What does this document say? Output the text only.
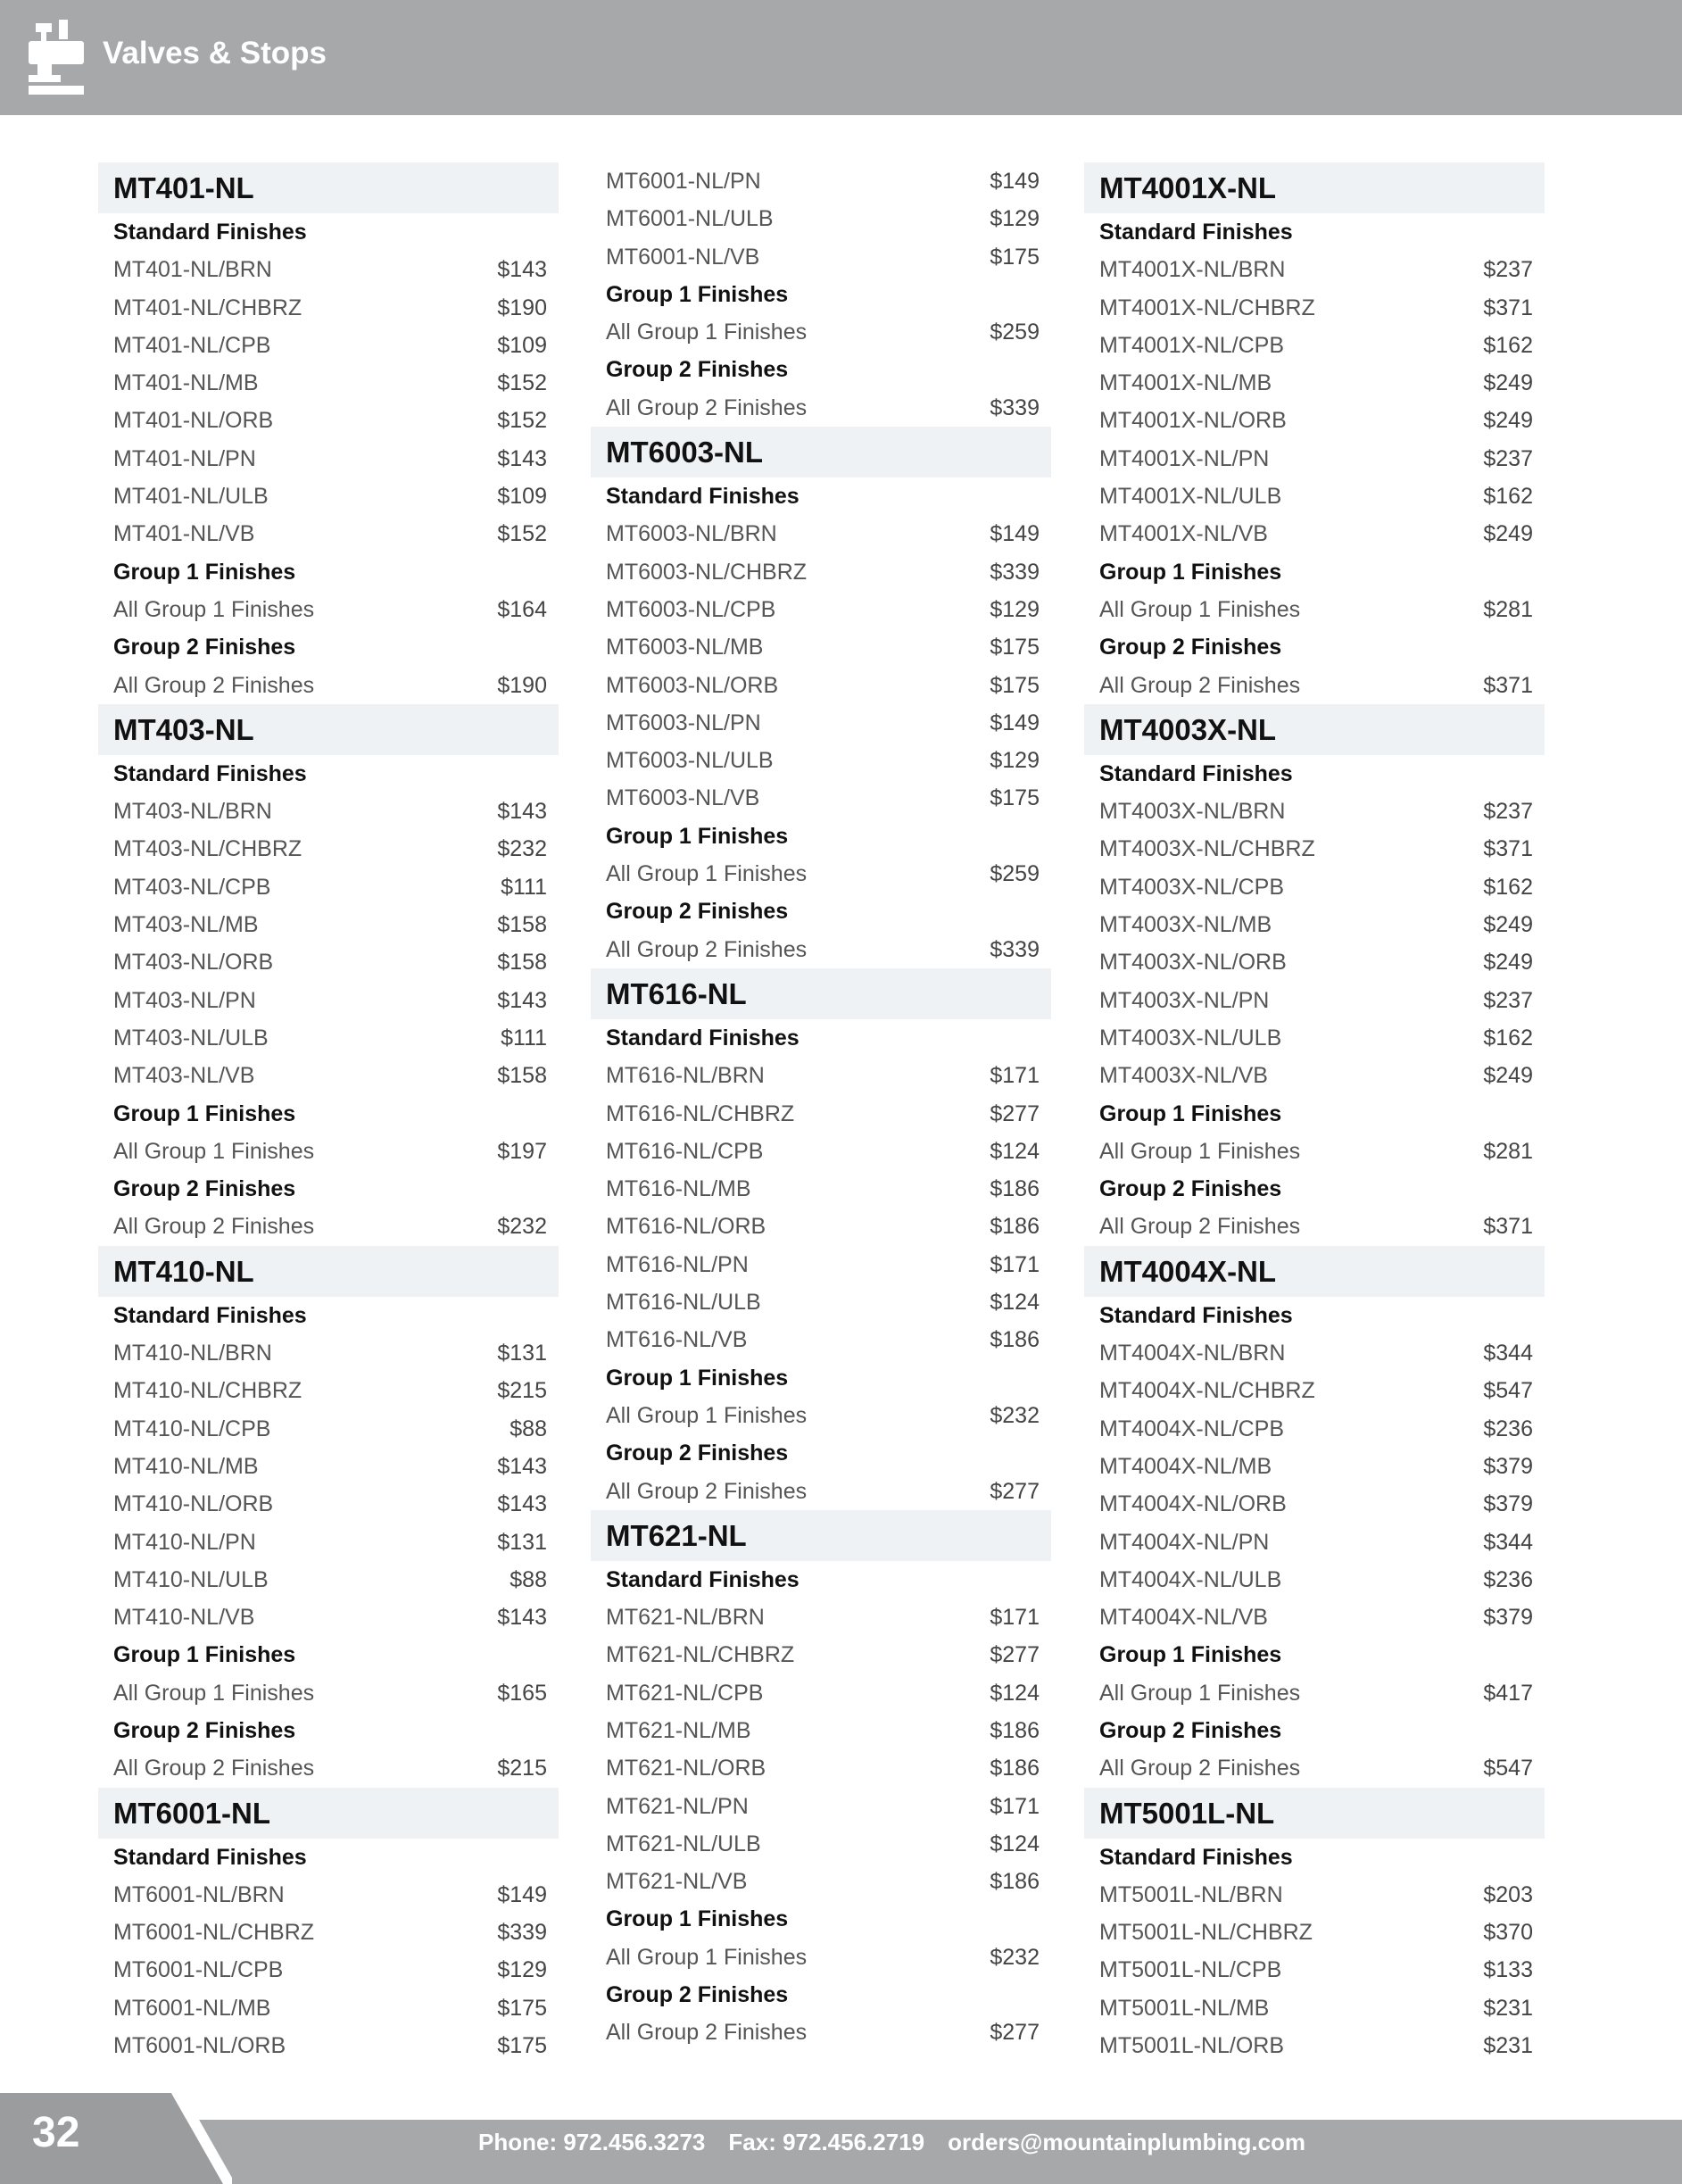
Valves & Stops
MT401-NL
Standard Finishes
MT401-NL/BRN	$143
MT401-NL/CHBRZ	$190
MT401-NL/CPB	$109
MT401-NL/MB	$152
MT401-NL/ORB	$152
MT401-NL/PN	$143
MT401-NL/ULB	$109
MT401-NL/VB	$152
Group 1 Finishes
All Group 1 Finishes	$164
Group 2 Finishes
All Group 2 Finishes	$190
MT403-NL
Standard Finishes
MT403-NL/BRN	$143
MT403-NL/CHBRZ	$232
MT403-NL/CPB	$111
MT403-NL/MB	$158
MT403-NL/ORB	$158
MT403-NL/PN	$143
MT403-NL/ULB	$111
MT403-NL/VB	$158
Group 1 Finishes
All Group 1 Finishes	$197
Group 2 Finishes
All Group 2 Finishes	$232
MT410-NL
Standard Finishes
MT410-NL/BRN	$131
MT410-NL/CHBRZ	$215
MT410-NL/CPB	$88
MT410-NL/MB	$143
MT410-NL/ORB	$143
MT410-NL/PN	$131
MT410-NL/ULB	$88
MT410-NL/VB	$143
Group 1 Finishes
All Group 1 Finishes	$165
Group 2 Finishes
All Group 2 Finishes	$215
MT6001-NL
Standard Finishes
MT6001-NL/BRN	$149
MT6001-NL/CHBRZ	$339
MT6001-NL/CPB	$129
MT6001-NL/MB	$175
MT6001-NL/ORB	$175
MT6001-NL/PN	$149
MT6001-NL/ULB	$129
MT6001-NL/VB	$175
Group 1 Finishes
All Group 1 Finishes	$259
Group 2 Finishes
All Group 2 Finishes	$339
MT6003-NL
Standard Finishes
MT6003-NL/BRN	$149
MT6003-NL/CHBRZ	$339
MT6003-NL/CPB	$129
MT6003-NL/MB	$175
MT6003-NL/ORB	$175
MT6003-NL/PN	$149
MT6003-NL/ULB	$129
MT6003-NL/VB	$175
Group 1 Finishes
All Group 1 Finishes	$259
Group 2 Finishes
All Group 2 Finishes	$339
MT616-NL
Standard Finishes
MT616-NL/BRN	$171
MT616-NL/CHBRZ	$277
MT616-NL/CPB	$124
MT616-NL/MB	$186
MT616-NL/ORB	$186
MT616-NL/PN	$171
MT616-NL/ULB	$124
MT616-NL/VB	$186
Group 1 Finishes
All Group 1 Finishes	$232
Group 2 Finishes
All Group 2 Finishes	$277
MT621-NL
Standard Finishes
MT621-NL/BRN	$171
MT621-NL/CHBRZ	$277
MT621-NL/CPB	$124
MT621-NL/MB	$186
MT621-NL/ORB	$186
MT621-NL/PN	$171
MT621-NL/ULB	$124
MT621-NL/VB	$186
Group 1 Finishes
All Group 1 Finishes	$232
Group 2 Finishes
All Group 2 Finishes	$277
MT4001X-NL
Standard Finishes
MT4001X-NL/BRN	$237
MT4001X-NL/CHBRZ	$371
MT4001X-NL/CPB	$162
MT4001X-NL/MB	$249
MT4001X-NL/ORB	$249
MT4001X-NL/PN	$237
MT4001X-NL/ULB	$162
MT4001X-NL/VB	$249
Group 1 Finishes
All Group 1 Finishes	$281
Group 2 Finishes
All Group 2 Finishes	$371
MT4003X-NL
Standard Finishes
MT4003X-NL/BRN	$237
MT4003X-NL/CHBRZ	$371
MT4003X-NL/CPB	$162
MT4003X-NL/MB	$249
MT4003X-NL/ORB	$249
MT4003X-NL/PN	$237
MT4003X-NL/ULB	$162
MT4003X-NL/VB	$249
Group 1 Finishes
All Group 1 Finishes	$281
Group 2 Finishes
All Group 2 Finishes	$371
MT4004X-NL
Standard Finishes
MT4004X-NL/BRN	$344
MT4004X-NL/CHBRZ	$547
MT4004X-NL/CPB	$236
MT4004X-NL/MB	$379
MT4004X-NL/ORB	$379
MT4004X-NL/PN	$344
MT4004X-NL/ULB	$236
MT4004X-NL/VB	$379
Group 1 Finishes
All Group 1 Finishes	$417
Group 2 Finishes
All Group 2 Finishes	$547
MT5001L-NL
Standard Finishes
MT5001L-NL/BRN	$203
MT5001L-NL/CHBRZ	$370
MT5001L-NL/CPB	$133
MT5001L-NL/MB	$231
MT5001L-NL/ORB	$231
32	Phone: 972.456.3273 Fax: 972.456.2719 orders@mountainplumbing.com
